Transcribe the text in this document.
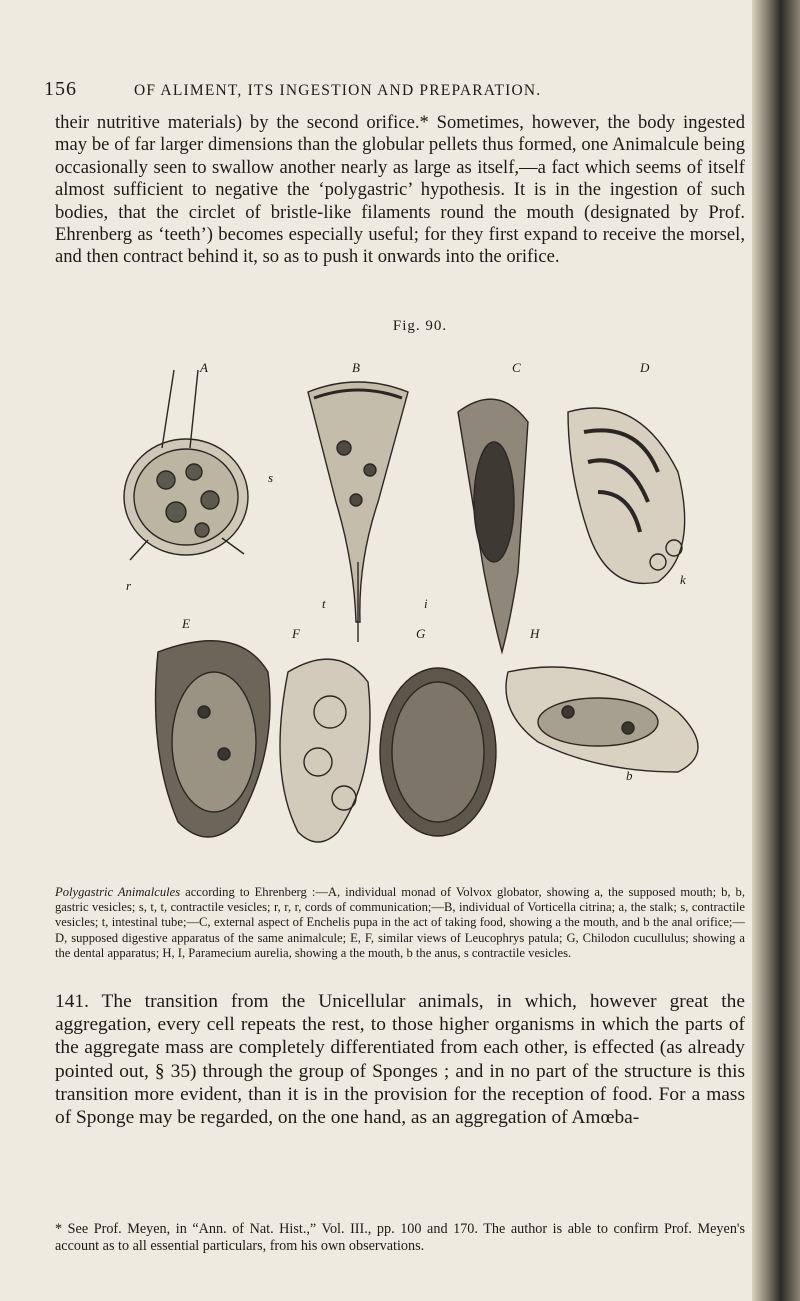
156	OF ALIMENT, ITS INGESTION AND PREPARATION.

their nutritive materials) by the second orifice.* Sometimes, however, the body ingested may be of far larger dimensions than the globular pellets thus formed, one Animalcule being occasionally seen to swallow another nearly as large as itself,—a fact which seems of itself almost sufficient to negative the ‘polygastric’ hypothesis. It is in the ingestion of such bodies, that the circlet of bristle-like filaments round the mouth (designated by Prof. Ehrenberg as ‘teeth’) becomes especially useful; for they first expand to receive the morsel, and then contract behind it, so as to push it onwards into the orifice.

Fig. 90.
A	B	C	D
E
F	G	H
r
s
t
b
i
k

Polygastric Animalcules according to Ehrenberg :—A, individual monad of Volvox globator, showing a, the supposed mouth; b, b, gastric vesicles; s, t, t, contractile vesicles; r, r, r, cords of communication;—B, individual of Vorticella citrina; a, the stalk; s, contractile vesicles; t, intestinal tube;—C, external aspect of Enchelis pupa in the act of taking food, showing a the mouth, and b the anal orifice;—D, supposed digestive apparatus of the same animalcule; E, F, similar views of Leucophrys patula; G, Chilodon cucullulus; showing a the dental apparatus; H, I, Paramecium aurelia, showing a the mouth, b the anus, s contractile vesicles.

141. The transition from the Unicellular animals, in which, however great the aggregation, every cell repeats the rest, to those higher organisms in which the parts of the aggregate mass are completely differentiated from each other, is effected (as already pointed out, § 35) through the group of Sponges ; and in no part of the structure is this transition more evident, than it is in the provision for the reception of food. For a mass of Sponge may be regarded, on the one hand, as an aggregation of Amœba-

* See Prof. Meyen, in “Ann. of Nat. Hist.,” Vol. III., pp. 100 and 170. The author is able to confirm Prof. Meyen's account as to all essential particulars, from his own observations.
